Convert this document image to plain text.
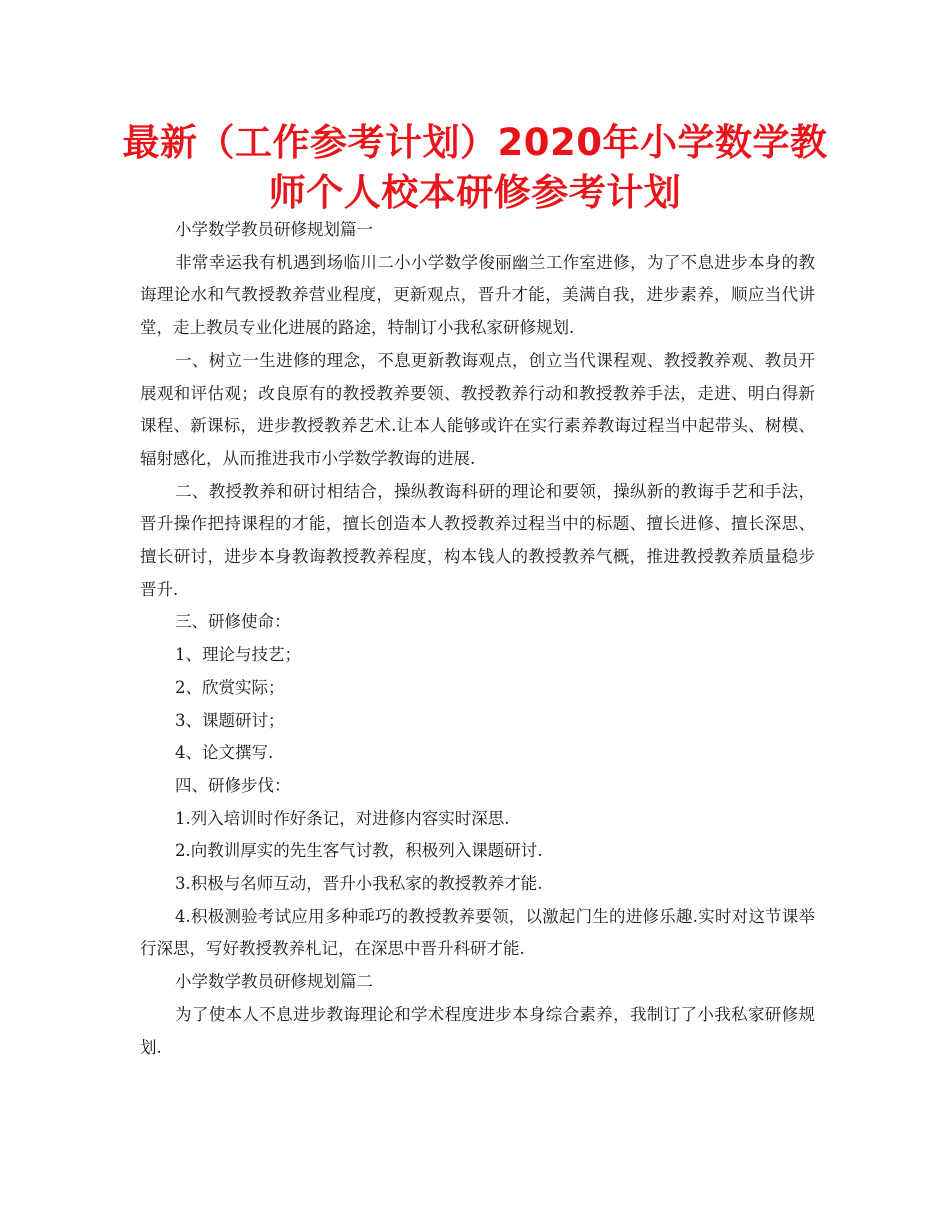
最新（工作参考计划）2020年小学数学教师个人校本研修参考计划

小学数学教员研修规划篇一

非常幸运我有机遇到场临川二小小学数学俊丽幽兰工作室进修，为了不息进步本身的教诲理论水和气教授教养营业程度，更新观点，晋升才能，美满自我，进步素养，顺应当代讲堂，走上教员专业化进展的路途，特制订小我私家研修规划.

一、树立一生进修的理念，不息更新教诲观点，创立当代课程观、教授教养观、教员开展观和评估观；改良原有的教授教养要领、教授教养行动和教授教养手法，走进、明白得新课程、新课标，进步教授教养艺术.让本人能够或许在实行素养教诲过程当中起带头、树模、辐射感化，从而推进我市小学数学教诲的进展.

二、教授教养和研讨相结合，操纵教诲科研的理论和要领，操纵新的教诲手艺和手法，晋升操作把持课程的才能，擅长创造本人教授教养过程当中的标题、擅长进修、擅长深思、擅长研讨，进步本身教诲教授教养程度，构本钱人的教授教养气概，推进教授教养质量稳步晋升.

三、研修使命：

1、理论与技艺；

2、欣赏实际；

3、课题研讨；

4、论文撰写.

四、研修步伐：

1.列入培训时作好条记，对进修内容实时深思.

2.向教训厚实的先生客气讨教，积极列入课题研讨.

3.积极与名师互动，晋升小我私家的教授教养才能.

4.积极测验考试应用多种乖巧的教授教养要领，以激起门生的进修乐趣.实时对这节课举行深思，写好教授教养札记，在深思中晋升科研才能.

小学数学教员研修规划篇二

为了使本人不息进步教诲理论和学术程度进步本身综合素养，我制订了小我私家研修规划.
